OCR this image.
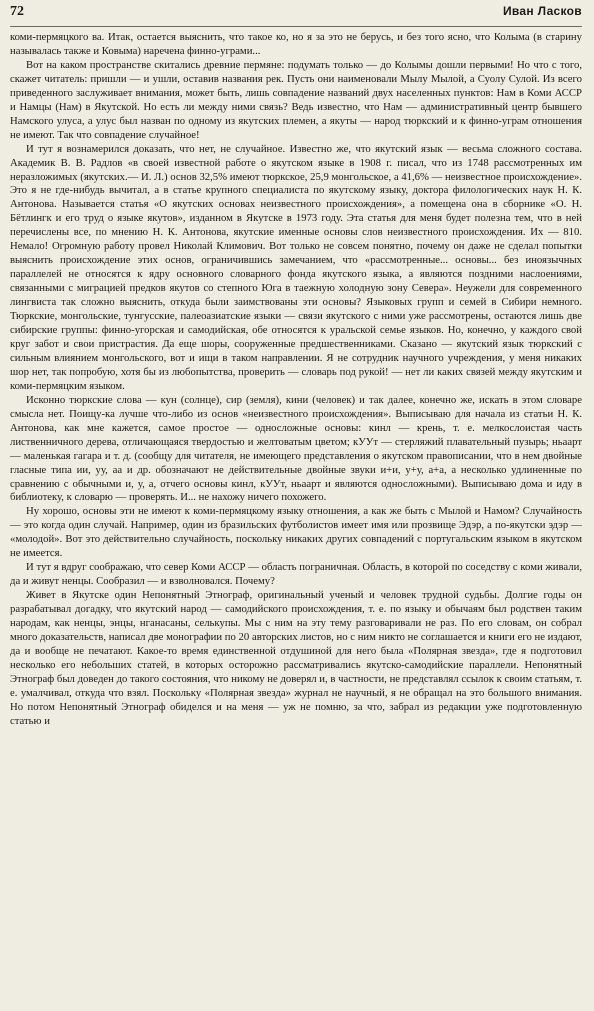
72	Иван Ласков

коми-пермяцкого ва. Итак, остается выяснить, что такое ко, но я за это не берусь, и без того ясно, что Колыма (в старину называлась также и Ковыма) наречена финно-уграми...

Вот на каком пространстве скитались древние пермяне: подумать только — до Колымы дошли первыми! Но что с того, скажет читатель: пришли — и ушли, оставив названия рек. Пусть они наименовали Мылу Мылой, а Суолу Сулой. Из всего приведенного заслуживает внимания, может быть, лишь совпадение названий двух населенных пунктов: Нам в Коми АССР и Намцы (Нам) в Якутской. Но есть ли между ними связь? Ведь известно, что Нам — административный центр бывшего Намского улуса, а улус был назван по одному из якутских племен, а якуты — народ тюркский и к финно-уграм отношения не имеют. Так что совпадение случайное!

И тут я вознамерился доказать, что нет, не случайное. Известно же, что якутский язык — весьма сложного состава. Академик В. В. Радлов «в своей известной работе о якутском языке в 1908 г. писал, что из 1748 рассмотренных им неразложимых (якутских.— И. Л.) основ 32,5% имеют тюркское, 25,9 монгольское, а 41,6% — неизвестное происхождение». Это я не где-нибудь вычитал, а в статье крупного специалиста по якутскому языку, доктора филологических наук Н. К. Антонова. Называется статья «О якутских основах неизвестного происхождения», а помещена она в сборнике «О. Н. Бётлингк и его труд о языке якутов», изданном в Якутске в 1973 году. Эта статья для меня будет полезна тем, что в ней перечислены все, по мнению Н. К. Антонова, якутские именные основы слов неизвестного происхождения. Их — 810. Немало! Огромную работу провел Николай Климович. Вот только не совсем понятно, почему он даже не сделал попытки выяснить происхождение этих основ, ограничившись замечанием, что «рассмотренные... основы... без иноязычных параллелей не относятся к ядру основного словарного фонда якутского языка, а являются поздними наслоениями, связанными с миграцией предков якутов со степного Юга в таежную холодную зону Севера». Неужели для современного лингвиста так сложно выяснить, откуда были заимствованы эти основы? Языковых групп и семей в Сибири немного. Тюркские, монгольские, тунгусские, палеоазиатские языки — связи якутского с ними уже рассмотрены, остаются лишь две сибирские группы: финно-угорская и самодийская, обе относятся к уральской семье языков. Но, конечно, у каждого свой круг забот и свои пристрастия. Да еще шоры, сооруженные предшественниками. Сказано — якутский язык тюркский с сильным влиянием монгольского, вот и ищи в таком направлении. Я не сотрудник научного учреждения, у меня никаких шор нет, так попробую, хотя бы из любопытства, проверить — словарь под рукой! — нет ли каких связей между якутским и коми-пермяцким языком.

Исконно тюркские слова — кун (солнце), сир (земля), кини (человек) и так далее, конечно же, искать в этом словаре смысла нет. Поищу-ка лучше что-либо из основ «неизвестного происхождения». Выписываю для начала из статьи Н. К. Антонова, как мне кажется, самое простое — односложные основы: кинл — крень, т. е. мелкослоистая часть лиственничного дерева, отличающаяся твердостью и желтоватым цветом; кУУт — стерляжий плавательный пузырь; ньаарт — маленькая гагара и т. д. (сообщу для читателя, не имеющего представления о якутском правописании, что в нем двойные гласные типа ии, уу, аа и др. обозначают не действительные двойные звуки и+и, у+у, а+а, а несколько удлиненные по сравнению с обычными и, у, а, отчего основы кинл, кУУт, ньаарт и являются односложными). Выписываю дома и иду в библиотеку, к словарю — проверять. И... не нахожу ничего похожего.

Ну хорошо, основы эти не имеют к коми-пермяцкому языку отношения, а как же быть с Мылой и Намом? Случайность — это когда один случай. Например, один из бразильских футболистов имеет имя или прозвище Эдэр, а по-якутски эдэр — «молодой». Вот это действительно случайность, поскольку никаких других совпадений с португальским языком в якутском не имеется.

И тут я вдруг соображаю, что север Коми АССР — область пограничная. Область, в которой по соседству с коми живали, да и живут ненцы. Сообразил — и взволновался. Почему?

Живет в Якутске один Непонятный Этнограф, оригинальный ученый и человек трудной судьбы. Долгие годы он разрабатывал догадку, что якутский народ — самодийского происхождения, т. е. по языку и обычаям был родствен таким народам, как ненцы, энцы, нганасаны, селькупы. Мы с ним на эту тему разговаривали не раз. По его словам, он собрал много доказательств, написал две монографии по 20 авторских листов, но с ним никто не соглашается и книги его не издают, да и вообще не печатают. Какое-то время единственной отдушиной для него была «Полярная звезда», где я подготовил несколько его небольших статей, в которых осторожно рассматривались якутско-самодийские параллели. Непонятный Этнограф был доведен до такого состояния, что никому не доверял и, в частности, не представлял ссылок к своим статьям, т. е. умалчивал, откуда что взял. Поскольку «Полярная звезда» журнал не научный, я не обращал на это большого внимания. Но потом Непонятный Этнограф обиделся и на меня — уж не помню, за что, забрал из редакции уже подготовленную статью и
